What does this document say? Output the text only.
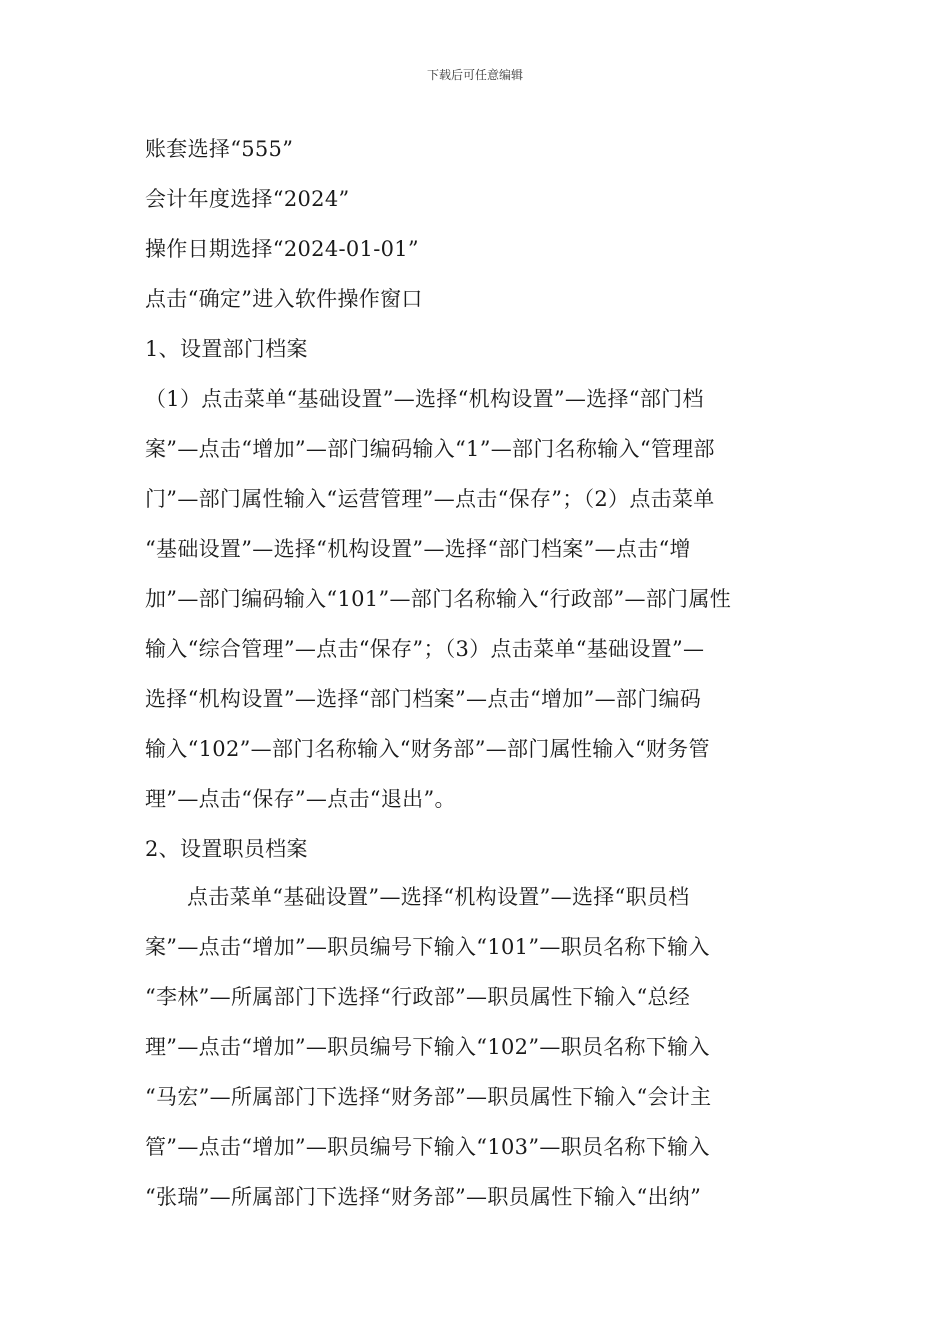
下载后可任意编辑
账套选择“555”
会计年度选择“2024”
操作日期选择“2024-01-01”
点击“确定”进入软件操作窗口
1、设置部门档案
（1）点击菜单“基础设置”—选择“机构设置”—选择“部门档
案”—点击“增加”—部门编码输入“1”—部门名称输入“管理部
门”—部门属性输入“运营管理”—点击“保存”；（2）点击菜单
“基础设置”—选择“机构设置”—选择“部门档案”—点击“增
加”—部门编码输入“101”—部门名称输入“行政部”—部门属性
输入“综合管理”—点击“保存”；（3）点击菜单“基础设置”—
选择“机构设置”—选择“部门档案”—点击“增加”—部门编码
输入“102”—部门名称输入“财务部”—部门属性输入“财务管
理”—点击“保存”—点击“退出”。
2、设置职员档案
点击菜单“基础设置”—选择“机构设置”—选择“职员档
案”—点击“增加”—职员编号下输入“101”—职员名称下输入
“李林”—所属部门下选择“行政部”—职员属性下输入“总经
理”—点击“增加”—职员编号下输入“102”—职员名称下输入
“马宏”—所属部门下选择“财务部”—职员属性下输入“会计主
管”—点击“增加”—职员编号下输入“103”—职员名称下输入
“张瑞”—所属部门下选择“财务部”—职员属性下输入“出纳”
